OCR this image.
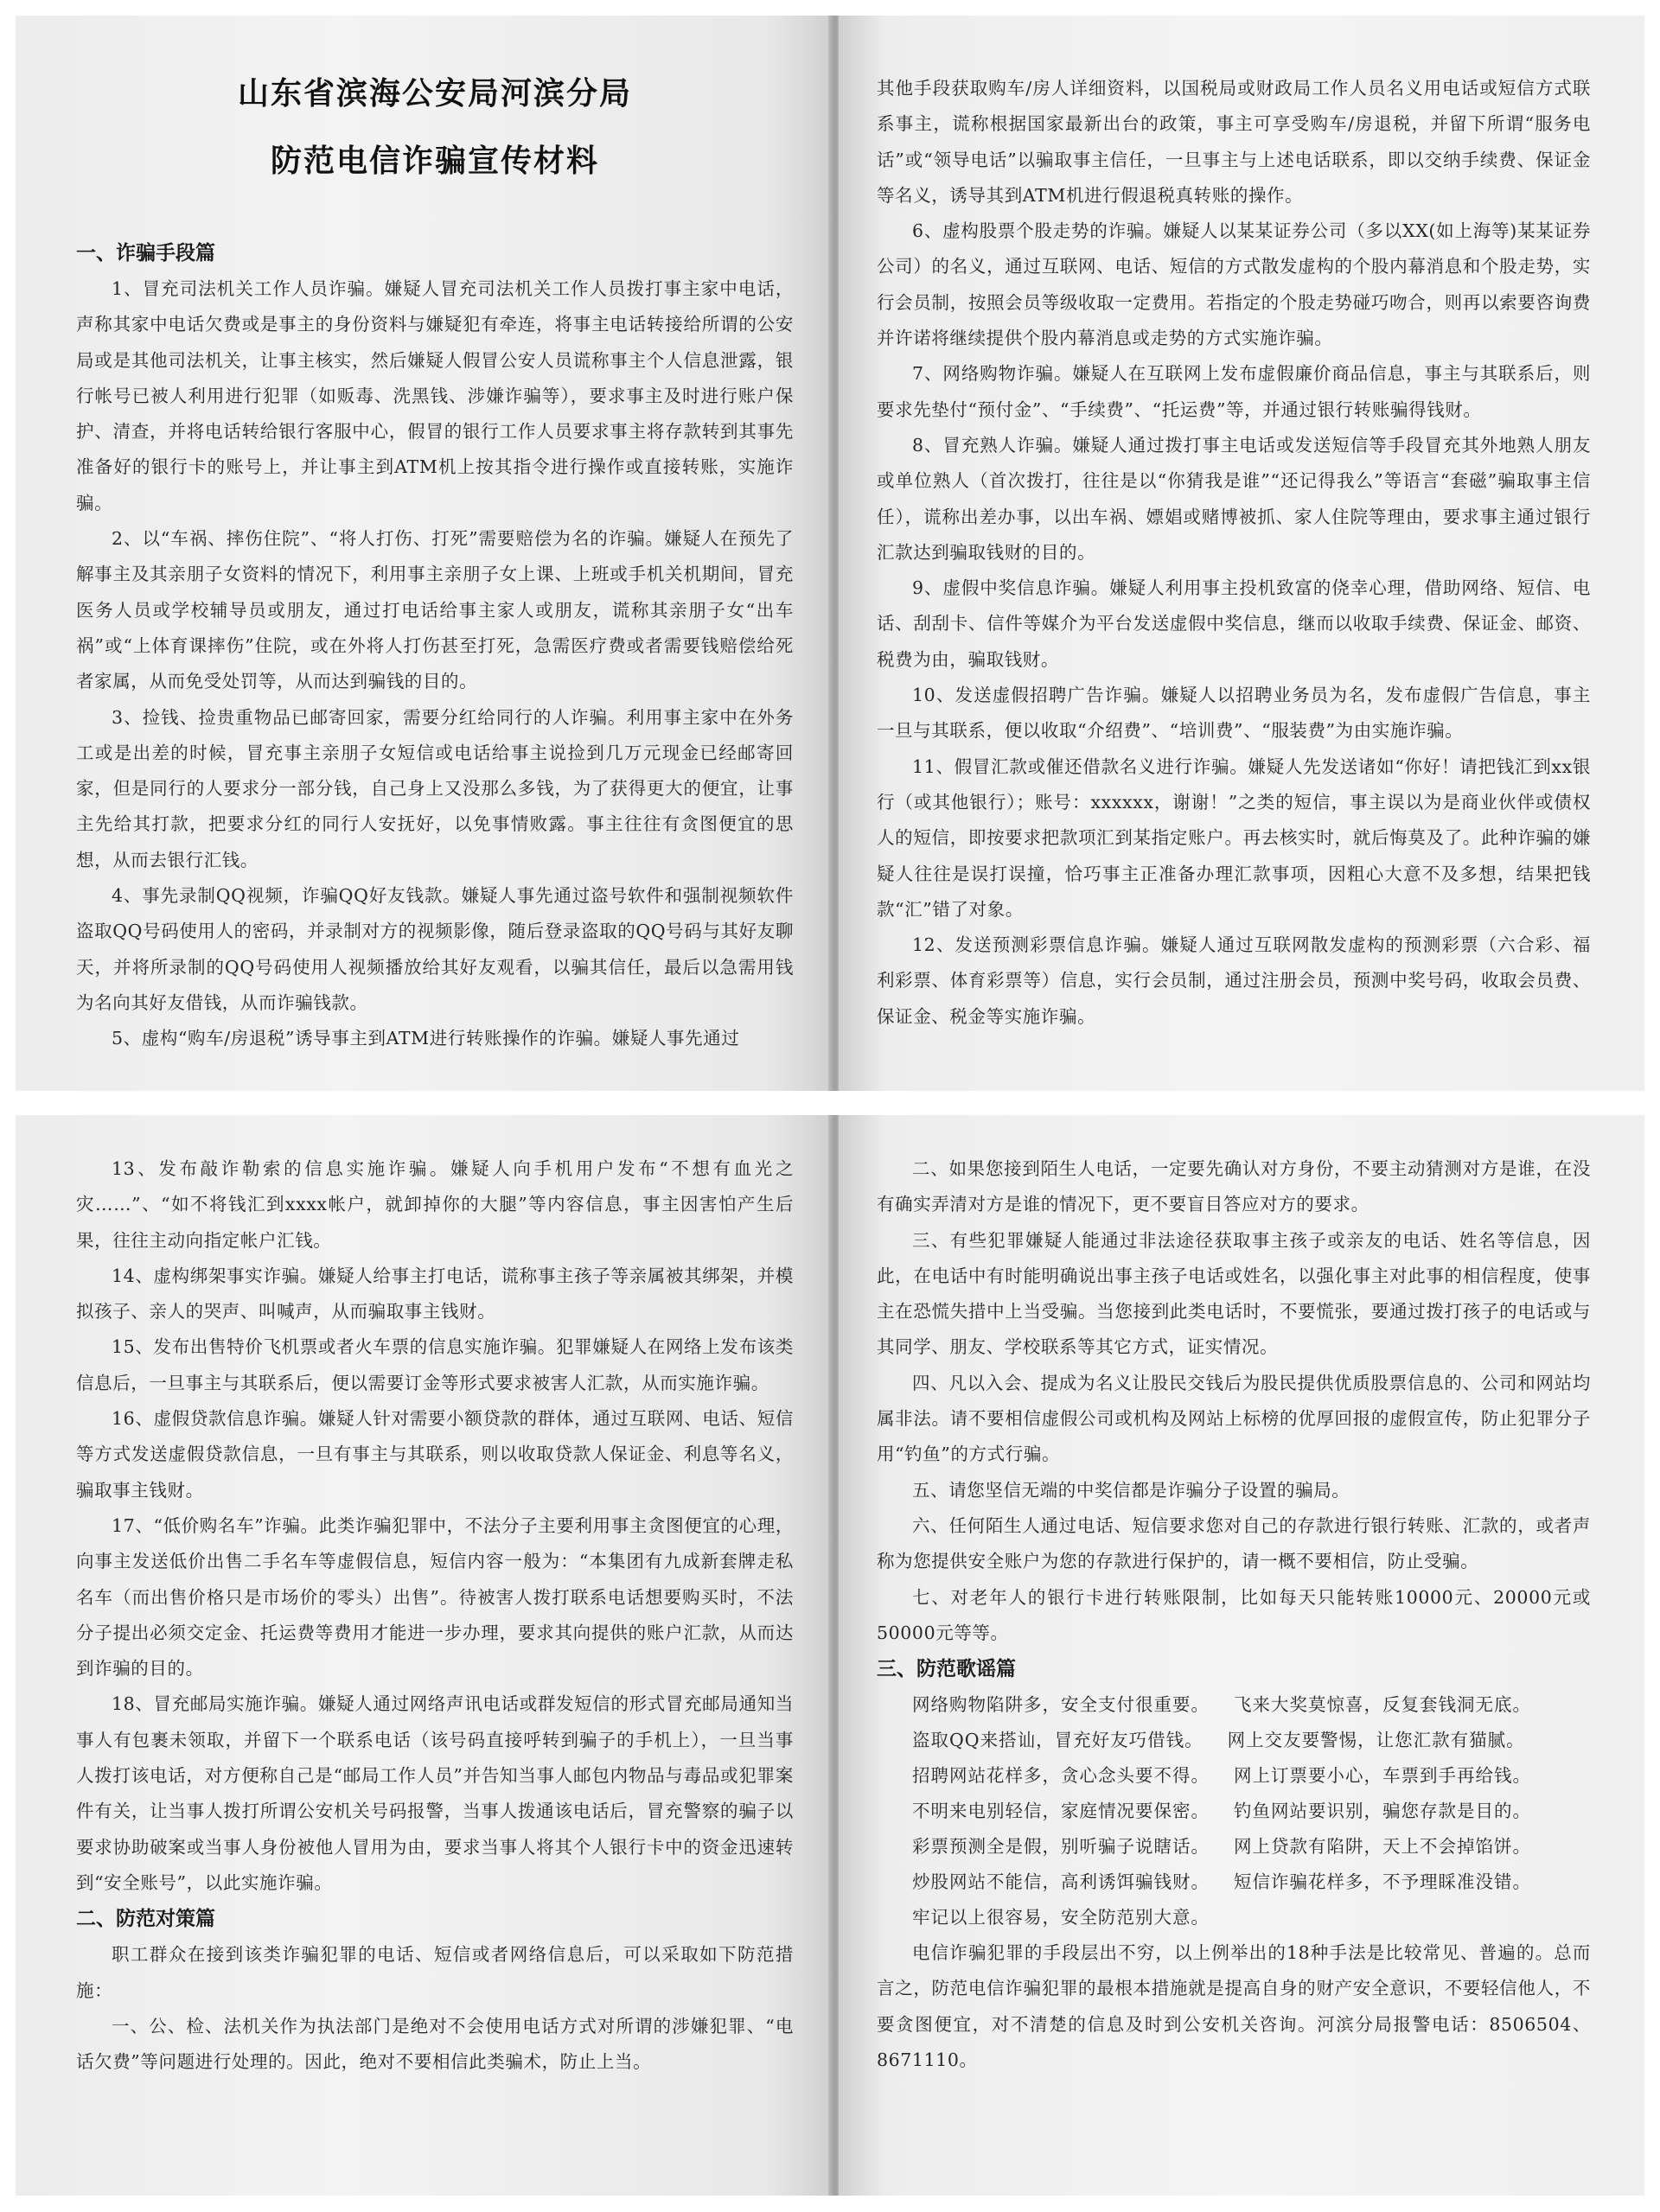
山东省滨海公安局河滨分局
防范电信诈骗宣传材料
一、诈骗手段篇

1、冒充司法机关工作人员诈骗。嫌疑人冒充司法机关工作人员拨打事主家中电话，声称其家中电话欠费或是事主的身份资料与嫌疑犯有牵连，将事主电话转接给所谓的公安局或是其他司法机关，让事主核实，然后嫌疑人假冒公安人员谎称事主个人信息泄露，银行帐号已被人利用进行犯罪（如贩毒、洗黑钱、涉嫌诈骗等），要求事主及时进行账户保护、清查，并将电话转给银行客服中心，假冒的银行工作人员要求事主将存款转到其事先准备好的银行卡的账号上，并让事主到ATM机上按其指令进行操作或直接转账，实施诈骗。

2、以“车祸、摔伤住院”、“将人打伤、打死”需要赔偿为名的诈骗。嫌疑人在预先了解事主及其亲朋子女资料的情况下，利用事主亲朋子女上课、上班或手机关机期间，冒充医务人员或学校辅导员或朋友，通过打电话给事主家人或朋友，谎称其亲朋子女“出车祸”或“上体育课摔伤”住院，或在外将人打伤甚至打死，急需医疗费或者需要钱赔偿给死者家属，从而免受处罚等，从而达到骗钱的目的。

3、捡钱、捡贵重物品已邮寄回家，需要分红给同行的人诈骗。利用事主家中在外务工或是出差的时候，冒充事主亲朋子女短信或电话给事主说捡到几万元现金已经邮寄回家，但是同行的人要求分一部分钱，自己身上又没那么多钱，为了获得更大的便宜，让事主先给其打款，把要求分红的同行人安抚好，以免事情败露。事主往往有贪图便宜的思想，从而去银行汇钱。

4、事先录制QQ视频，诈骗QQ好友钱款。嫌疑人事先通过盗号软件和强制视频软件盗取QQ号码使用人的密码，并录制对方的视频影像，随后登录盗取的QQ号码与其好友聊天，并将所录制的QQ号码使用人视频播放给其好友观看，以骗其信任，最后以急需用钱为名向其好友借钱，从而诈骗钱款。

5、虚构“购车/房退税”诱导事主到ATM进行转账操作的诈骗。嫌疑人事先通过

其他手段获取购车/房人详细资料，以国税局或财政局工作人员名义用电话或短信方式联系事主，谎称根据国家最新出台的政策，事主可享受购车/房退税，并留下所谓“服务电话”或“领导电话”以骗取事主信任，一旦事主与上述电话联系，即以交纳手续费、保证金等名义，诱导其到ATM机进行假退税真转账的操作。

6、虚构股票个股走势的诈骗。嫌疑人以某某证券公司（多以XX(如上海等)某某证券公司）的名义，通过互联网、电话、短信的方式散发虚构的个股内幕消息和个股走势，实行会员制，按照会员等级收取一定费用。若指定的个股走势碰巧吻合，则再以索要咨询费并许诺将继续提供个股内幕消息或走势的方式实施诈骗。

7、网络购物诈骗。嫌疑人在互联网上发布虚假廉价商品信息，事主与其联系后，则要求先垫付“预付金”、“手续费”、“托运费”等，并通过银行转账骗得钱财。

8、冒充熟人诈骗。嫌疑人通过拨打事主电话或发送短信等手段冒充其外地熟人朋友或单位熟人（首次拨打，往往是以“你猜我是谁”“还记得我么”等语言“套磁”骗取事主信任），谎称出差办事，以出车祸、嫖娼或赌博被抓、家人住院等理由，要求事主通过银行汇款达到骗取钱财的目的。

9、虚假中奖信息诈骗。嫌疑人利用事主投机致富的侥幸心理，借助网络、短信、电话、刮刮卡、信件等媒介为平台发送虚假中奖信息，继而以收取手续费、保证金、邮资、税费为由，骗取钱财。

10、发送虚假招聘广告诈骗。嫌疑人以招聘业务员为名，发布虚假广告信息，事主一旦与其联系，便以收取“介绍费”、“培训费”、“服装费”为由实施诈骗。

11、假冒汇款或催还借款名义进行诈骗。嫌疑人先发送诸如“你好！请把钱汇到xx银行（或其他银行）；账号：xxxxxx，谢谢！”之类的短信，事主误以为是商业伙伴或债权人的短信，即按要求把款项汇到某指定账户。再去核实时，就后悔莫及了。此种诈骗的嫌疑人往往是误打误撞，恰巧事主正准备办理汇款事项，因粗心大意不及多想，结果把钱款“汇”错了对象。

12、发送预测彩票信息诈骗。嫌疑人通过互联网散发虚构的预测彩票（六合彩、福利彩票、体育彩票等）信息，实行会员制，通过注册会员，预测中奖号码，收取会员费、保证金、税金等实施诈骗。

13、发布敲诈勒索的信息实施诈骗。嫌疑人向手机用户发布“不想有血光之灾……”、“如不将钱汇到xxxx帐户，就卸掉你的大腿”等内容信息，事主因害怕产生后果，往往主动向指定帐户汇钱。

14、虚构绑架事实诈骗。嫌疑人给事主打电话，谎称事主孩子等亲属被其绑架，并模拟孩子、亲人的哭声、叫喊声，从而骗取事主钱财。

15、发布出售特价飞机票或者火车票的信息实施诈骗。犯罪嫌疑人在网络上发布该类信息后，一旦事主与其联系后，便以需要订金等形式要求被害人汇款，从而实施诈骗。

16、虚假贷款信息诈骗。嫌疑人针对需要小额贷款的群体，通过互联网、电话、短信等方式发送虚假贷款信息，一旦有事主与其联系，则以收取贷款人保证金、利息等名义，骗取事主钱财。

17、“低价购名车”诈骗。此类诈骗犯罪中，不法分子主要利用事主贪图便宜的心理，向事主发送低价出售二手名车等虚假信息，短信内容一般为：“本集团有九成新套牌走私名车（而出售价格只是市场价的零头）出售”。待被害人拨打联系电话想要购买时，不法分子提出必须交定金、托运费等费用才能进一步办理，要求其向提供的账户汇款，从而达到诈骗的目的。

18、冒充邮局实施诈骗。嫌疑人通过网络声讯电话或群发短信的形式冒充邮局通知当事人有包裹未领取，并留下一个联系电话（该号码直接呼转到骗子的手机上），一旦当事人拨打该电话，对方便称自己是“邮局工作人员”并告知当事人邮包内物品与毒品或犯罪案件有关，让当事人拨打所谓公安机关号码报警，当事人拨通该电话后，冒充警察的骗子以要求协助破案或当事人身份被他人冒用为由，要求当事人将其个人银行卡中的资金迅速转到“安全账号”，以此实施诈骗。

二、防范对策篇

职工群众在接到该类诈骗犯罪的电话、短信或者网络信息后，可以采取如下防范措施：

一、公、检、法机关作为执法部门是绝对不会使用电话方式对所谓的涉嫌犯罪、“电话欠费”等问题进行处理的。因此，绝对不要相信此类骗术，防止上当。

二、如果您接到陌生人电话，一定要先确认对方身份，不要主动猜测对方是谁，在没有确实弄清对方是谁的情况下，更不要盲目答应对方的要求。

三、有些犯罪嫌疑人能通过非法途径获取事主孩子或亲友的电话、姓名等信息，因此，在电话中有时能明确说出事主孩子电话或姓名，以强化事主对此事的相信程度，使事主在恐慌失措中上当受骗。当您接到此类电话时，不要慌张，要通过拨打孩子的电话或与其同学、朋友、学校联系等其它方式，证实情况。

四、凡以入会、提成为名义让股民交钱后为股民提供优质股票信息的、公司和网站均属非法。请不要相信虚假公司或机构及网站上标榜的优厚回报的虚假宣传，防止犯罪分子用“钓鱼”的方式行骗。

五、请您坚信无端的中奖信都是诈骗分子设置的骗局。

六、任何陌生人通过电话、短信要求您对自己的存款进行银行转账、汇款的，或者声称为您提供安全账户为您的存款进行保护的，请一概不要相信，防止受骗。

七、对老年人的银行卡进行转账限制，比如每天只能转账10000元、20000元或50000元等等。

三、防范歌谣篇
网络购物陷阱多，安全支付很重要。 飞来大奖莫惊喜，反复套钱洞无底。
盗取QQ来搭讪，冒充好友巧借钱。 网上交友要警惕，让您汇款有猫腻。
招聘网站花样多，贪心念头要不得。 网上订票要小心，车票到手再给钱。
不明来电别轻信，家庭情况要保密。 钓鱼网站要识别，骗您存款是目的。
彩票预测全是假，别听骗子说瞎话。 网上贷款有陷阱，天上不会掉馅饼。
炒股网站不能信，高利诱饵骗钱财。 短信诈骗花样多，不予理睬准没错。
牢记以上很容易，安全防范别大意。

电信诈骗犯罪的手段层出不穷，以上例举出的18种手法是比较常见、普遍的。总而言之，防范电信诈骗犯罪的最根本措施就是提高自身的财产安全意识，不要轻信他人，不要贪图便宜，对不清楚的信息及时到公安机关咨询。河滨分局报警电话：8506504、8671110。
